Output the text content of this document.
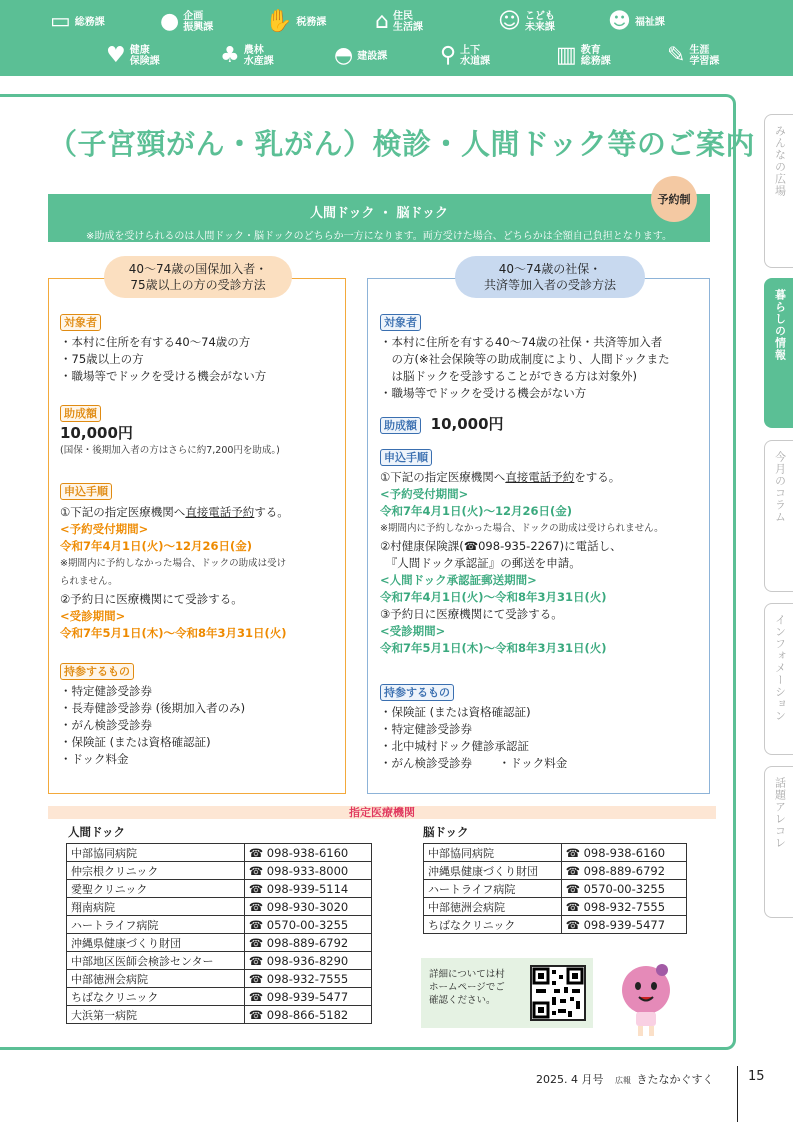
▭ 総務課	● 企画
振興課 ✋ 税務課 ⌂ 住民
生活課	☺ こども
未来課 ☻ 福祉課
♥ 健康
保険課	♣ 農林
水産課	◓ 建設課 ⚲ 上下
水道課	▥ 教育
総務課	✎ 生涯
学習課
（子宮頸がん・乳がん）検診・人間ドック等のご案内
人間ドック ・ 脳ドック
※助成を受けられるのは人間ドック・脳ドックのどちらか一方になります。両方受けた場合、どちらかは全額自己負担となります。
予約制
40〜74歳の国保加入者・
75歳以上の方の受診方法
対象者
・本村に住所を有する40〜74歳の方
・75歳以上の方
・職場等でドックを受ける機会がない方
助成額
10,000円
(国保・後期加入者の方はさらに約7,200円を助成。)
申込手順
①下記の指定医療機関へ直接電話予約する。
<予約受付期間>
令和7年4月1日(火)〜12月26日(金)
※期間内に予約しなかった場合、ドックの助成は受け
られません。
②予約日に医療機関にて受診する。
<受診期間>
令和7年5月1日(木)〜令和8年3月31日(火)
持参するもの
・特定健診受診券
・長寿健診受診券 (後期加入者のみ)
・がん検診受診券
・保険証 (または資格確認証)
・ドック料金
40〜74歳の社保・
共済等加入者の受診方法
対象者
・本村に住所を有する40〜74歳の社保・共済等加入者
　の方(※社会保険等の助成制度により、人間ドックまた
　は脳ドックを受診することができる方は対象外)
・職場等でドックを受ける機会がない方
助成額 10,000円
申込手順
①下記の指定医療機関へ直接電話予約をする。
<予約受付期間>
令和7年4月1日(火)〜12月26日(金)
※期間内に予約しなかった場合、ドックの助成は受けられません。
②村健康保険課(☎098-935-2267)に電話し、
　『人間ドック承認証』の郵送を申請。
<人間ドック承認証郵送期間>
令和7年4月1日(火)〜令和8年3月31日(火)
③予約日に医療機関にて受診する。
<受診期間>
令和7年5月1日(木)〜令和8年3月31日(火)
持参するもの
・保険証 (または資格確認証)
・特定健診受診券
・北中城村ドック健診承認証
・がん検診受診券　　 ・ドック料金
指定医療機関
人間ドック
中部協同病院	☎ 098-938-6160
仲宗根クリニック	☎ 098-933-8000
愛聖クリニック	☎ 098-939-5114
翔南病院	☎ 098-930-3020
ハートライフ病院	☎ 0570-00-3255
沖縄県健康づくり財団	☎ 098-889-6792
中部地区医師会検診センター	☎ 098-936-8290
中部徳洲会病院	☎ 098-932-7555
ちばなクリニック	☎ 098-939-5477
大浜第一病院	☎ 098-866-5182
脳ドック
中部協同病院	☎ 098-938-6160
沖縄県健康づくり財団	☎ 098-889-6792
ハートライフ病院	☎ 0570-00-3255
中部徳洲会病院	☎ 098-932-7555
ちばなクリニック	☎ 098-939-5477
詳細については村
ホームページでご
確認ください。
みんなの広場
暮らしの情報
今月のコラム
インフォメーション
話題アレコレ
2025. 4 月号 広報 きたなかぐすく	15
